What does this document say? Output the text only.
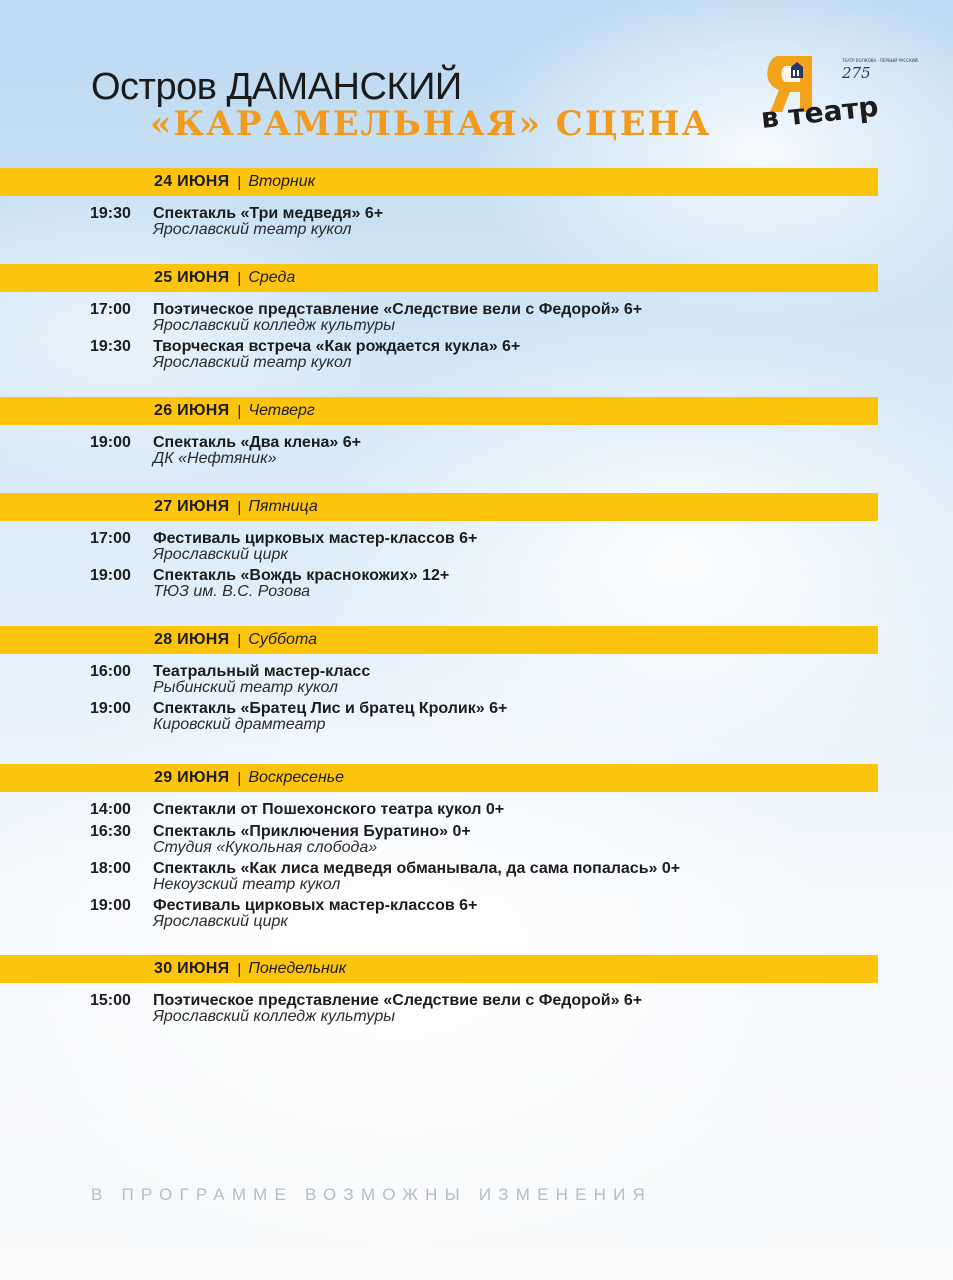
Остров ДАМАНСКИЙ
«КАРАМЕЛЬНАЯ» СЦЕНА
ТЕАТР ВОЛКОВА · ПЕРВЫЙ РУССКИЙ
275
в театр
24 ИЮНЯ | Вторник
19:30 Спектакль «Три медведя» 6+
Ярославский театр кукол
25 ИЮНЯ | Среда
17:00 Поэтическое представление «Следствие вели с Федорой» 6+
Ярославский колледж культуры
19:30 Творческая встреча «Как рождается кукла» 6+
Ярославский театр кукол
26 ИЮНЯ | Четверг
19:00 Спектакль «Два клена» 6+
ДК «Нефтяник»
27 ИЮНЯ | Пятница
17:00 Фестиваль цирковых мастер-классов 6+
Ярославский цирк
19:00 Спектакль «Вождь краснокожих» 12+
ТЮЗ им. В.С. Розова
28 ИЮНЯ | Суббота
16:00 Театральный мастер-класс
Рыбинский театр кукол
19:00 Спектакль «Братец Лис и братец Кролик» 6+
Кировский драмтеатр
29 ИЮНЯ | Воскресенье
14:00 Спектакли от Пошехонского театра кукол 0+
16:30 Спектакль «Приключения Буратино» 0+
Студия «Кукольная слобода»
18:00 Спектакль «Как лиса медведя обманывала, да сама попалась» 0+
Некоузский театр кукол
19:00 Фестиваль цирковых мастер-классов 6+
Ярославский цирк
30 ИЮНЯ | Понедельник
15:00 Поэтическое представление «Следствие вели с Федорой» 6+
Ярославский колледж культуры
В ПРОГРАММЕ ВОЗМОЖНЫ ИЗМЕНЕНИЯ
